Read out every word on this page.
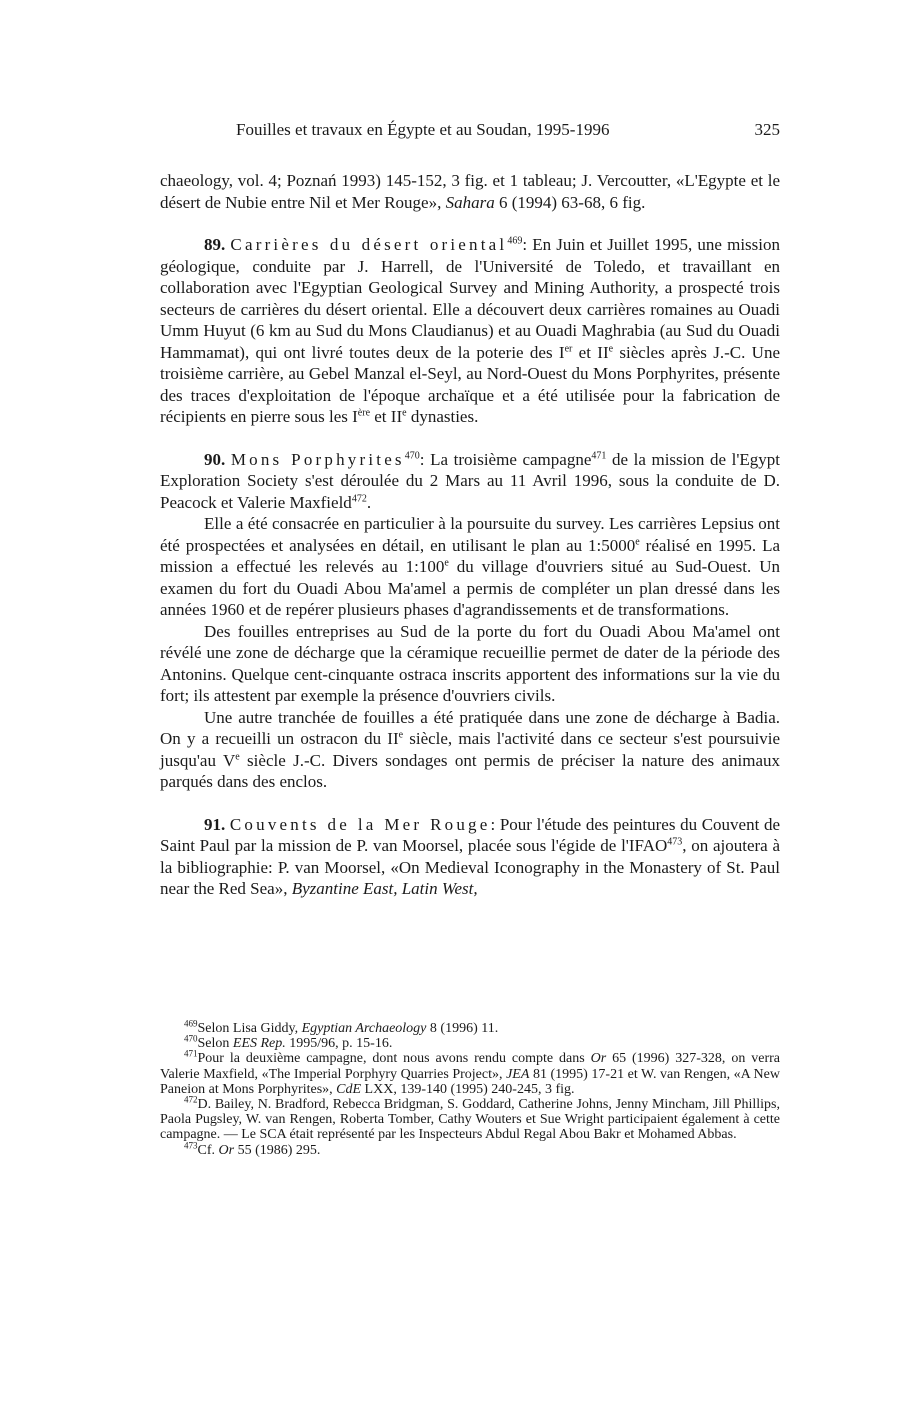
Fouilles et travaux en Égypte et au Soudan, 1995-1996	325

chaeology, vol. 4; Poznań 1993) 145-152, 3 fig. et 1 tableau; J. Vercoutter, «L'Egypte et le désert de Nubie entre Nil et Mer Rouge», Sahara 6 (1994) 63-68, 6 fig.

89. Carrières du désert oriental$^{469}$: En Juin et Juillet 1995, une mission géologique, conduite par J. Harrell, de l'Université de Toledo, et travaillant en collaboration avec l'Egyptian Geological Survey and Mining Authority, a prospecté trois secteurs de carrières du désert oriental. Elle a découvert deux carrières romaines au Ouadi Umm Huyut (6 km au Sud du Mons Claudianus) et au Ouadi Maghrabia (au Sud du Ouadi Hammamat), qui ont livré toutes deux de la poterie des Ier et IIe siècles après J.-C. Une troisième carrière, au Gebel Manzal el-Seyl, au Nord-Ouest du Mons Porphyrites, présente des traces d'exploitation de l'époque archaïque et a été utilisée pour la fabrication de récipients en pierre sous les Ière et IIe dynasties.

90. Mons Porphyrites$^{470}$: La troisième campagne$^{471}$ de la mission de l'Egypt Exploration Society s'est déroulée du 2 Mars au 11 Avril 1996, sous la conduite de D. Peacock et Valerie Maxfield$^{472}$.

Elle a été consacrée en particulier à la poursuite du survey. Les carrières Lepsius ont été prospectées et analysées en détail, en utilisant le plan au 1:5000e réalisé en 1995. La mission a effectué les relevés au 1:100e du village d'ouvriers situé au Sud-Ouest. Un examen du fort du Ouadi Abou Ma'amel a permis de compléter un plan dressé dans les années 1960 et de repérer plusieurs phases d'agrandissements et de transformations.

Des fouilles entreprises au Sud de la porte du fort du Ouadi Abou Ma'amel ont révélé une zone de décharge que la céramique recueillie permet de dater de la période des Antonins. Quelque cent-cinquante ostraca inscrits apportent des informations sur la vie du fort; ils attestent par exemple la présence d'ouvriers civils.

Une autre tranchée de fouilles a été pratiquée dans une zone de décharge à Badia. On y a recueilli un ostracon du IIe siècle, mais l'activité dans ce secteur s'est poursuivie jusqu'au Ve siècle J.-C. Divers sondages ont permis de préciser la nature des animaux parqués dans des enclos.

91. Couvents de la Mer Rouge: Pour l'étude des peintures du Couvent de Saint Paul par la mission de P. van Moorsel, placée sous l'égide de l'IFAO$^{473}$, on ajoutera à la bibliographie: P. van Moorsel, «On Medieval Iconography in the Monastery of St. Paul near the Red Sea», Byzantine East, Latin West,

$^{469}$Selon Lisa Giddy, Egyptian Archaeology 8 (1996) 11.

$^{470}$Selon EES Rep. 1995/96, p. 15-16.

$^{471}$Pour la deuxième campagne, dont nous avons rendu compte dans Or 65 (1996) 327-328, on verra Valerie Maxfield, «The Imperial Porphyry Quarries Project», JEA 81 (1995) 17-21 et W. van Rengen, «A New Paneion at Mons Porphyrites», CdE LXX, 139-140 (1995) 240-245, 3 fig.

$^{472}$D. Bailey, N. Bradford, Rebecca Bridgman, S. Goddard, Catherine Johns, Jenny Mincham, Jill Phillips, Paola Pugsley, W. van Rengen, Roberta Tomber, Cathy Wouters et Sue Wright participaient également à cette campagne. — Le SCA était représenté par les Inspecteurs Abdul Regal Abou Bakr et Mohamed Abbas.

$^{473}$Cf. Or 55 (1986) 295.
